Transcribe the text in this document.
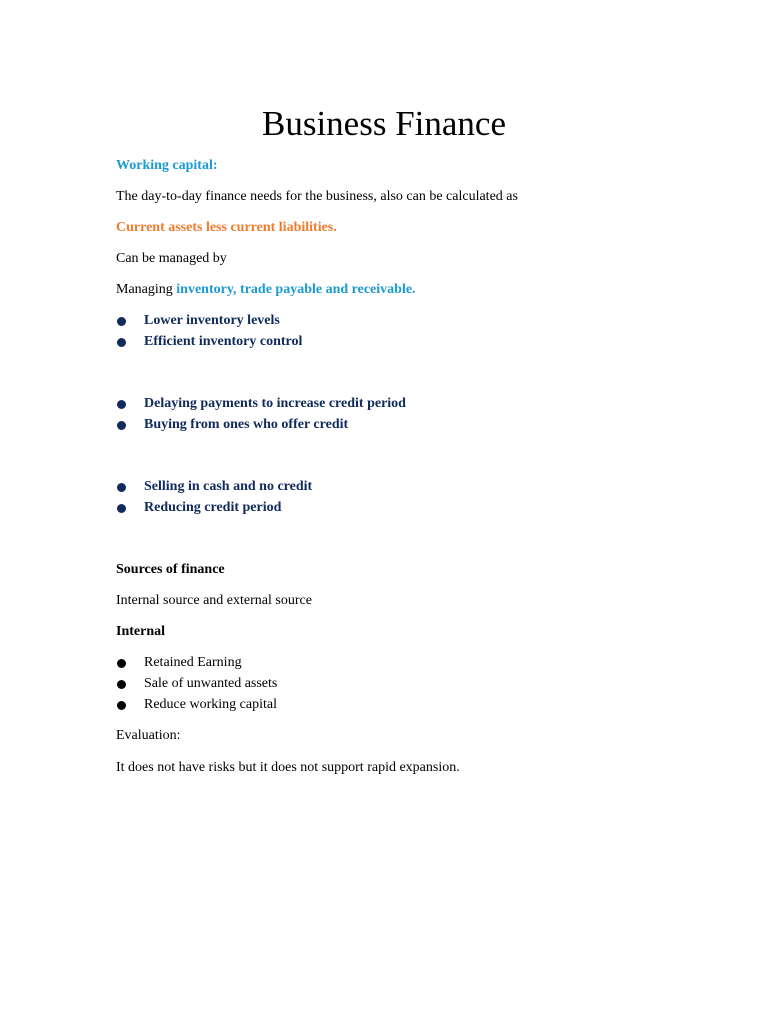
Business Finance

Working capital:

The day-to-day finance needs for the business, also can be calculated as

Current assets less current liabilities.

Can be managed by

Managing inventory, trade payable and receivable.

Lower inventory levels
Efficient inventory control
Delaying payments to increase credit period
Buying from ones who offer credit
Selling in cash and no credit
Reducing credit period

Sources of finance

Internal source and external source

Internal

Retained Earning
Sale of unwanted assets
Reduce working capital

Evaluation:

It does not have risks but it does not support rapid expansion.
